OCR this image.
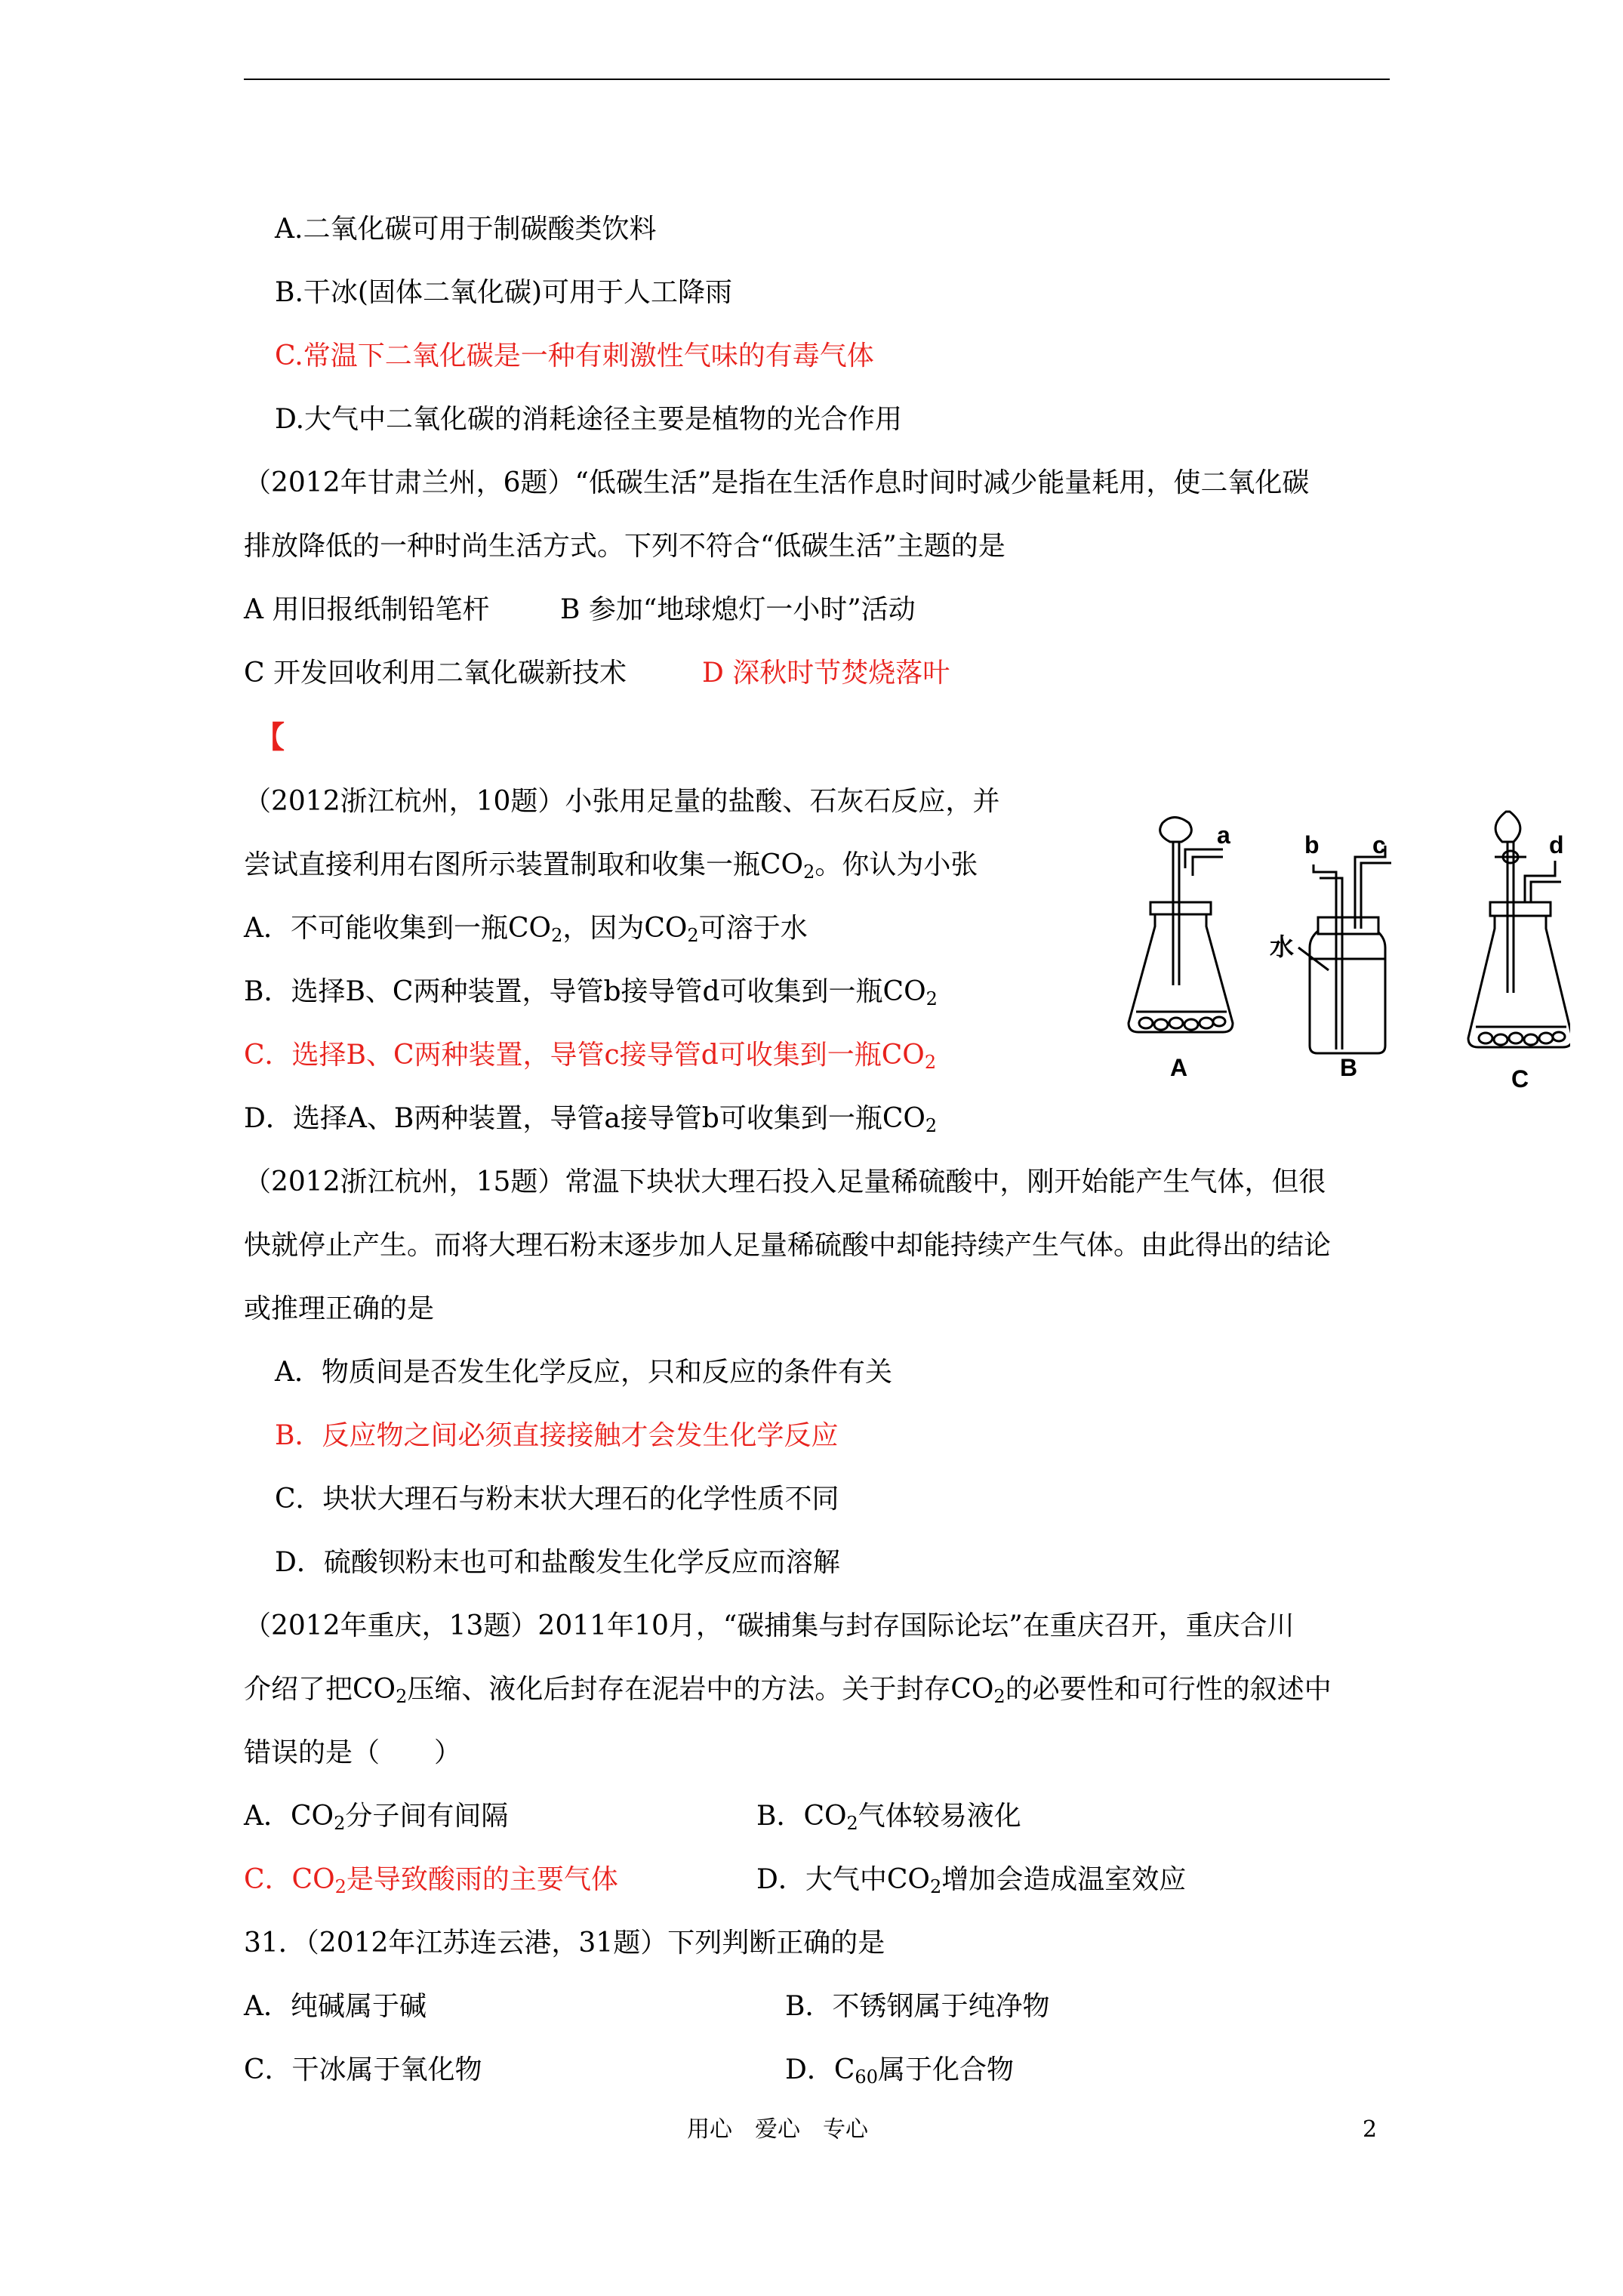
A.二氧化碳可用于制碳酸类饮料
B.干冰(固体二氧化碳)可用于人工降雨
C.常温下二氧化碳是一种有刺激性气味的有毒气体
D.大气中二氧化碳的消耗途径主要是植物的光合作用
（2012年甘肃兰州，6题）“低碳生活”是指在生活作息时间时减少能量耗用，使二氧化碳
排放降低的一种时尚生活方式。下列不符合“低碳生活”主题的是
A 用旧报纸制铅笔杆	B 参加“地球熄灯一小时”活动
C 开发回收利用二氧化碳新技术	D 深秋时节焚烧落叶
【
（2012浙江杭州，10题）小张用足量的盐酸、石灰石反应，并
尝试直接利用右图所示装置制取和收集一瓶$CO_2$。你认为小张
A．不可能收集到一瓶$CO_2$，因为$CO_2$可溶于水
B．选择B、C两种装置，导管b接导管d可收集到一瓶$CO_2$
C．选择B、C两种装置，导管c接导管d可收集到一瓶$CO_2$
D．选择A、B两种装置，导管a接导管b可收集到一瓶$CO_2$
a	b c	d
水
A	B	C
（2012浙江杭州，15题）常温下块状大理石投入足量稀硫酸中，刚开始能产生气体，但很
快就停止产生。而将大理石粉末逐步加人足量稀硫酸中却能持续产生气体。由此得出的结论
或推理正确的是
A．物质间是否发生化学反应，只和反应的条件有关
B．反应物之间必须直接接触才会发生化学反应
C．块状大理石与粉末状大理石的化学性质不同
D．硫酸钡粉末也可和盐酸发生化学反应而溶解
（2012年重庆，13题）2011年10月，“碳捕集与封存国际论坛”在重庆召开，重庆合川
介绍了把$CO_2$压缩、液化后封存在泥岩中的方法。关于封存$CO_2$的必要性和可行性的叙述中
错误的是（　　）
A．$CO_2$分子间有间隔	B．$CO_2$气体较易液化
C．$CO_2$是导致酸雨的主要气体	D．大气中$CO_2$增加会造成温室效应
31．（2012年江苏连云港，31题）下列判断正确的是
A．纯碱属于碱	B．不锈钢属于纯净物
C．干冰属于氧化物	D．$C_{60}$属于化合物
用心　爱心　专心	2
